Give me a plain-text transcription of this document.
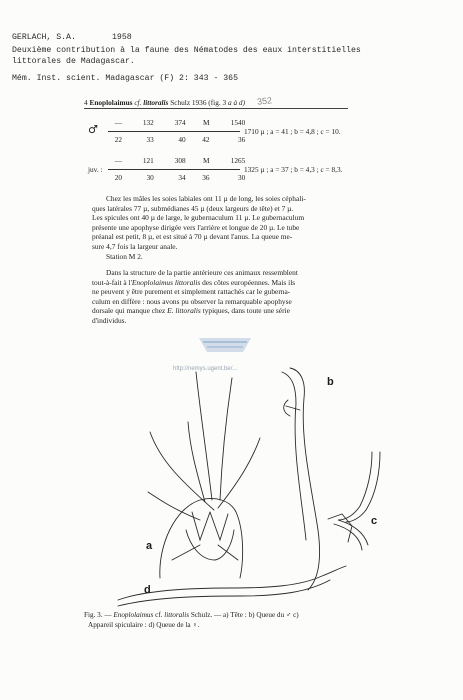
GERLACH, S.A.	1958
Deuxième contribution à la faune des Nématodes des eaux interstitielles
littorales de Madagascar.
Mém. Inst. scient. Madagascar (F) 2: 343 - 365
4 Enoplolaimus cf. littoralis Schulz 1936 (fig. 3 a à d)	352
♂
—	132	374 M	1540
22	33	40 42	36
1710 µ ; a = 41 ; b = 4,8 ; c = 10.
juv. :
—	121	308 M	1265
20	30	34 36	30
1325 µ ; a = 37 ; b = 4,3 ; c = 8,3.
Chez les mâles les soies labiales ont 11 µ de long, les soies céphali-
ques latérales 77 µ, submédianes 45 µ (deux largeurs de tête) et 7 µ.
Les spicules ont 40 µ de large, le gubernaculum 11 µ. Le gubernaculum
présente une apophyse dirigée vers l'arrière et longue de 20 µ. Le tube
préanal est petit, 8 µ, et est situé à 70 µ devant l'anus. La queue me-
sure 4,7 fois la largeur anale.
Station M 2.
Dans la structure de la partie antérieure ces animaux ressemblent
tout-à-fait à l'Enoplolaimus littoralis des côtes européennes. Mais ils
ne peuvent y être purement et simplement rattachés car le guberna-
culum en diffère : nous avons pu observer la remarquable apophyse
dorsale qui manque chez E. littoralis typiques, dans toute une série
d'individus.
http://nemys.ugent.be/...
a
b
c
d
Fig. 3. — Enoplolaimus cf. littoralis Schulz. — a) Tête : b) Queue du ♂ c)
Appareil spiculaire : d) Queue de la ♀.
